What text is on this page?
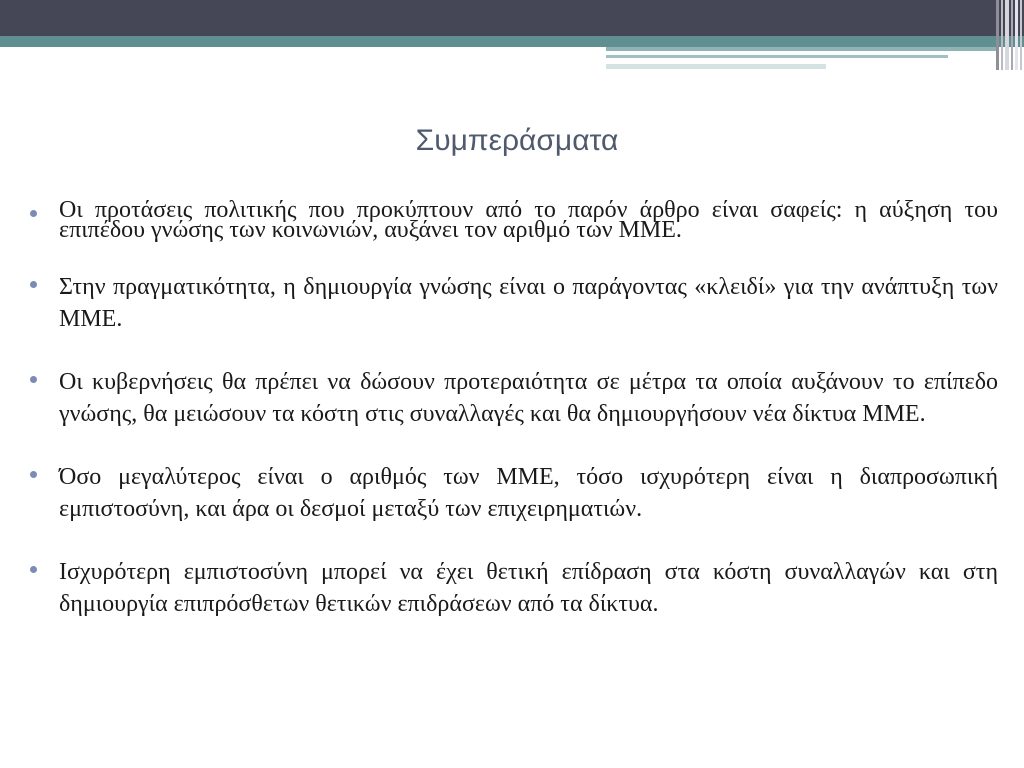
Συμπεράσματα
Οι προτάσεις πολιτικής που προκύπτουν από το παρόν άρθρο είναι σαφείς: η αύξηση του επιπέδου γνώσης των κοινωνιών, αυξάνει τον αριθμό των ΜΜΕ.
Στην πραγματικότητα, η δημιουργία γνώσης είναι ο παράγοντας «κλειδί» για την ανάπτυξη των ΜΜΕ.
Οι κυβερνήσεις θα πρέπει να δώσουν προτεραιότητα σε μέτρα τα οποία αυξάνουν το επίπεδο γνώσης, θα μειώσουν τα κόστη στις συναλλαγές και θα δημιουργήσουν νέα δίκτυα ΜΜΕ.
Όσο μεγαλύτερος είναι ο αριθμός των ΜΜΕ, τόσο ισχυρότερη είναι η διαπροσωπική εμπιστοσύνη, και άρα οι δεσμοί μεταξύ των επιχειρηματιών.
Ισχυρότερη εμπιστοσύνη μπορεί να έχει θετική επίδραση στα κόστη συναλλαγών και στη δημιουργία επιπρόσθετων θετικών επιδράσεων από τα δίκτυα.
